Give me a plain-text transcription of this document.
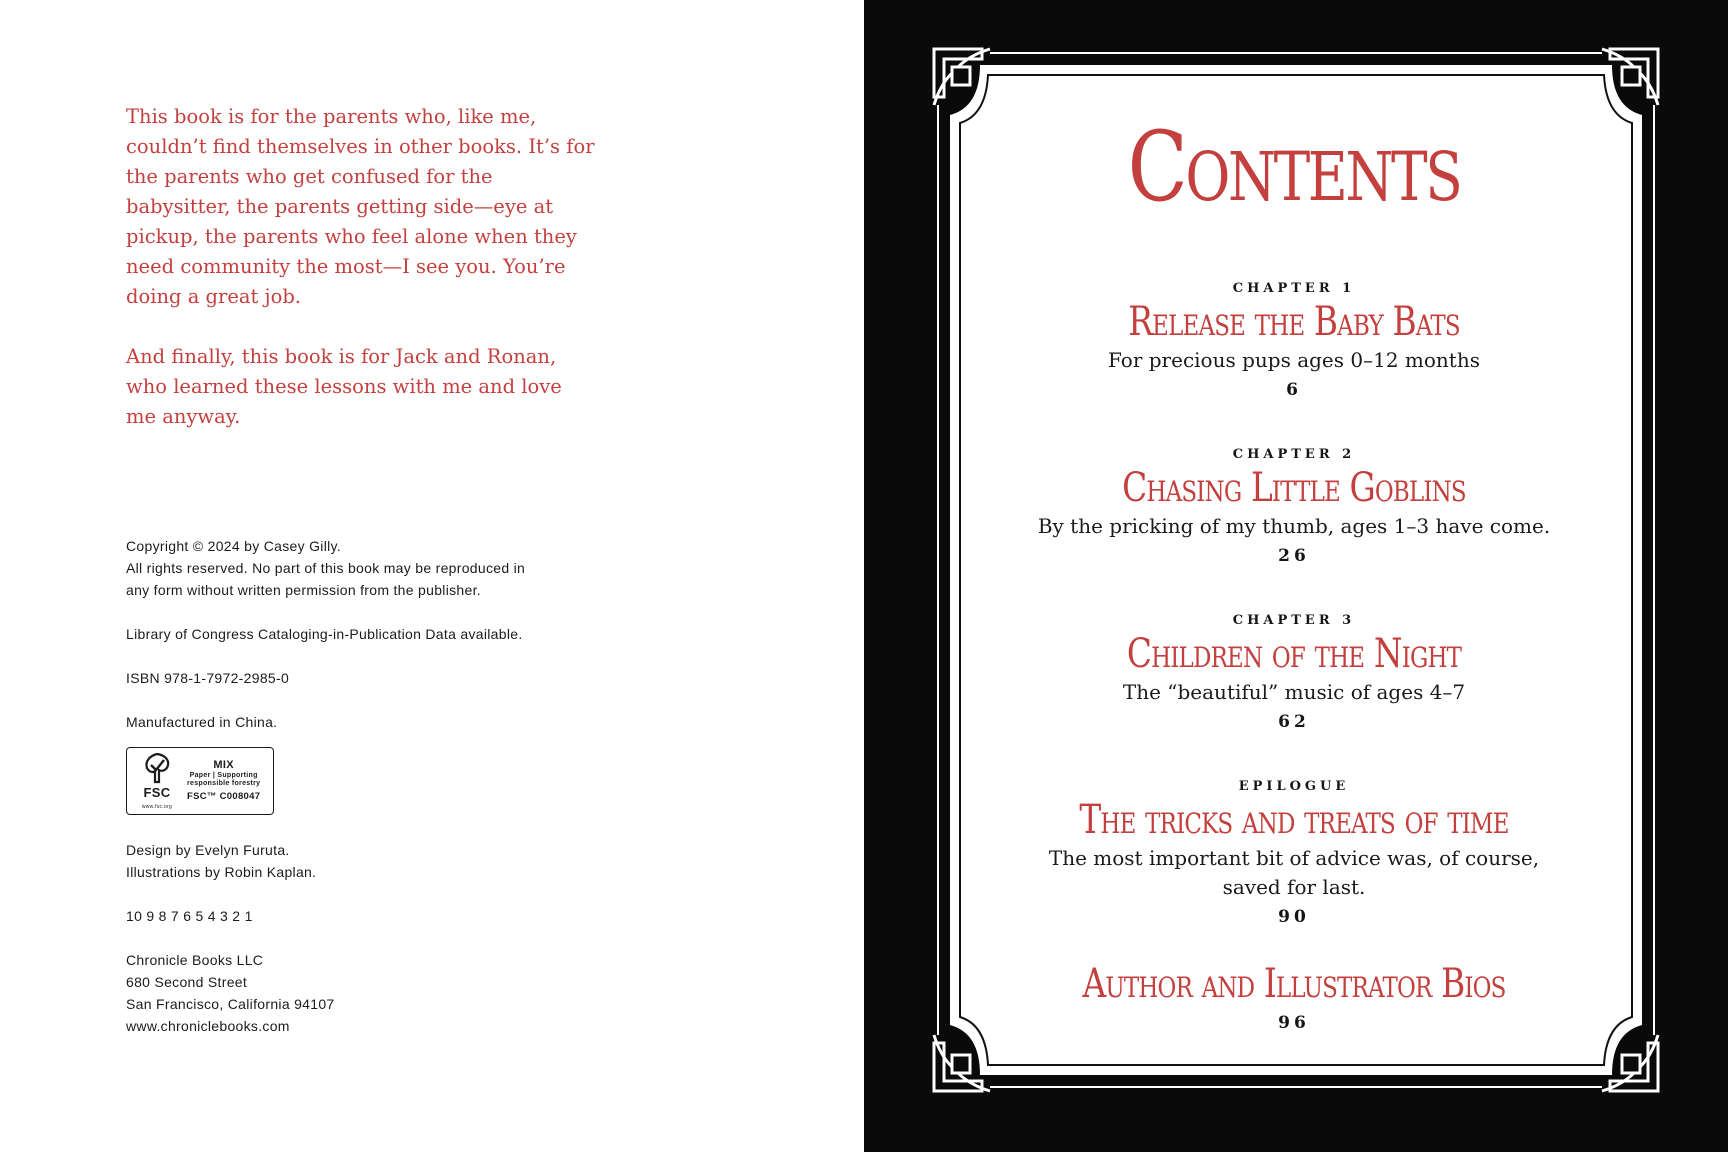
This book is for the parents who, like me, couldn’t find themselves in other books. It’s for the parents who get confused for the babysitter, the parents getting side—eye at pickup, the parents who feel alone when they need community the most—I see you. You’re doing a great job.

And finally, this book is for Jack and Ronan, who learned these lessons with me and love me anyway.

Copyright © 2024 by Casey Gilly.
All rights reserved. No part of this book may be reproduced in
any form without written permission from the publisher.
Library of Congress Cataloging-in-Publication Data available.
ISBN 978-1-7972-2985-0
Manufactured in China.
FSC
www.fsc.org
MIX
Paper | Supporting
responsible forestry
FSC™ C008047
Design by Evelyn Furuta.
Illustrations by Robin Kaplan.
10 9 8 7 6 5 4 3 2 1
Chronicle Books LLC
680 Second Street
San Francisco, California 94107
www.chroniclebooks.com
Contents
CHAPTER 1
Release the Baby Bats
For precious pups ages 0–12 months
6
CHAPTER 2
Chasing Little Goblins
By the pricking of my thumb, ages 1–3 have come.
26
CHAPTER 3
Children of the Night
The “beautiful” music of ages 4–7
62
EPILOGUE
The tricks and treats of time
The most important bit of advice was, of course,
saved for last.
90
Author and Illustrator Bios
96
